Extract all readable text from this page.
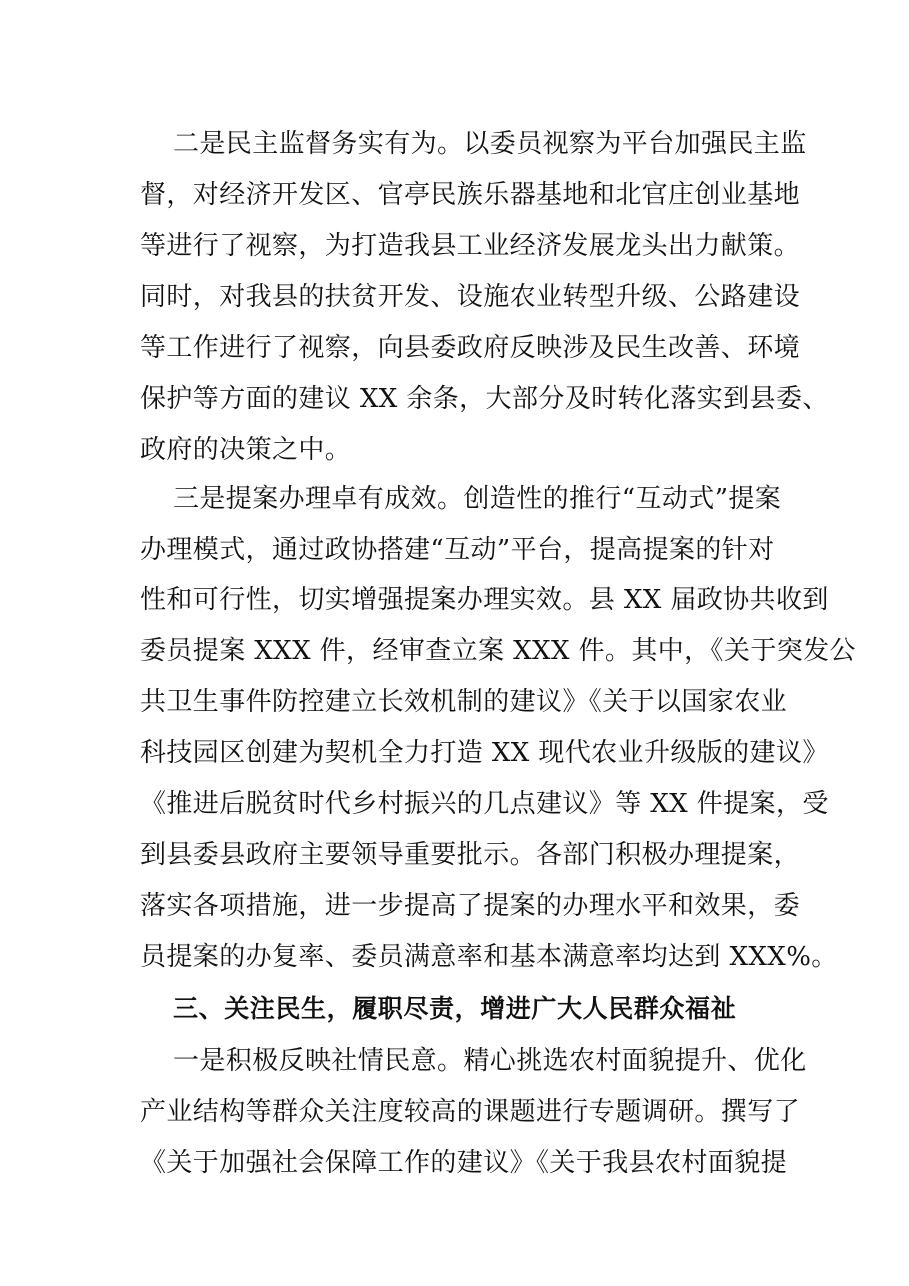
二是民主监督务实有为。以委员视察为平台加强民主监
督，对经济开发区、官亭民族乐器基地和北官庄创业基地
等进行了视察，为打造我县工业经济发展龙头出力献策。
同时，对我县的扶贫开发、设施农业转型升级、公路建设
等工作进行了视察，向县委政府反映涉及民生改善、环境
保护等方面的建议 XX 余条，大部分及时转化落实到县委、
政府的决策之中。
三是提案办理卓有成效。创造性的推行“互动式”提案
办理模式，通过政协搭建“互动”平台，提高提案的针对
性和可行性，切实增强提案办理实效。县 XX 届政协共收到
委员提案 XXX 件，经审查立案 XXX 件。其中，《关于突发公
共卫生事件防控建立长效机制的建议》《关于以国家农业
科技园区创建为契机全力打造 XX 现代农业升级版的建议》
《推进后脱贫时代乡村振兴的几点建议》等 XX 件提案，受
到县委县政府主要领导重要批示。各部门积极办理提案，
落实各项措施，进一步提高了提案的办理水平和效果，委
员提案的办复率、委员满意率和基本满意率均达到 XXX%。
三、关注民生，履职尽责，增进广大人民群众福祉
一是积极反映社情民意。精心挑选农村面貌提升、优化
产业结构等群众关注度较高的课题进行专题调研。撰写了
《关于加强社会保障工作的建议》《关于我县农村面貌提
